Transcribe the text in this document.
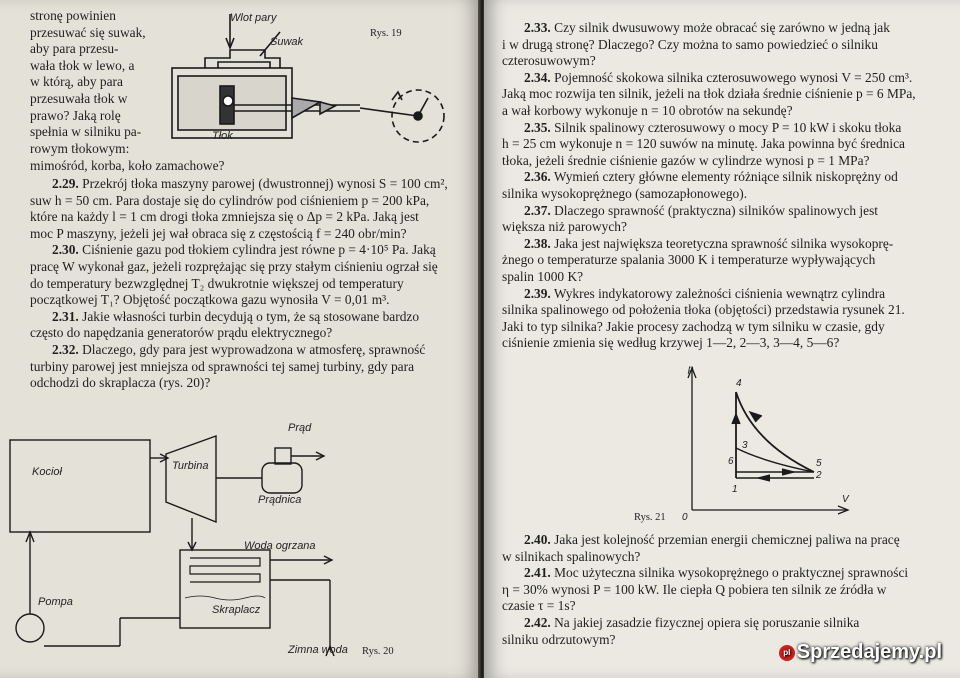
stronę powinien
przesuwać się suwak,
aby para przesu-
wała tłok w lewo, a
w którą, aby para
przesuwała tłok w
prawo? Jaką rolę
spełnia w silniku pa-
rowym tłokowym:
mimośród, korba, koło zamachowe?
Wlot pary
Suwak
Tłok
Rys. 19
2.29. Przekrój tłoka maszyny parowej (dwustronnej) wynosi S = 100 cm²,
suw h = 50 cm. Para dostaje się do cylindrów pod ciśnieniem p = 200 kPa,
które na każdy l = 1 cm drogi tłoka zmniejsza się o Δp = 2 kPa. Jaką jest
moc P maszyny, jeżeli jej wał obraca się z częstością f = 240 obr/min?
2.30. Ciśnienie gazu pod tłokiem cylindra jest równe p = 4·10⁵ Pa. Jaką
pracę W wykonał gaz, jeżeli rozprężając się przy stałym ciśnieniu ogrzał się
do temperatury bezwzględnej T₂ dwukrotnie większej od temperatury
początkowej T₁? Objętość początkowa gazu wynosiła V = 0,01 m³.
2.31. Jakie własności turbin decydują o tym, że są stosowane bardzo
często do napędzania generatorów prądu elektrycznego?
2.32. Dlaczego, gdy para jest wyprowadzona w atmosferę, sprawność
turbiny parowej jest mniejsza od sprawności tej samej turbiny, gdy para
odchodzi do skraplacza (rys. 20)?
Kocioł	Turbina
Prąd
Prądnica
Woda ogrzana
Pompa
Skraplacz
Zimna woda Rys. 20
2.33. Czy silnik dwusuwowy może obracać się zarówno w jedną jak
i w drugą stronę? Dlaczego? Czy można to samo powiedzieć o silniku
czterosuwowym?
2.34. Pojemność skokowa silnika czterosuwowego wynosi V = 250 cm³.
Jaką moc rozwija ten silnik, jeżeli na tłok działa średnie ciśnienie p = 6 MPa,
a wał korbowy wykonuje n = 10 obrotów na sekundę?
2.35. Silnik spalinowy czterosuwowy o mocy P = 10 kW i skoku tłoka
h = 25 cm wykonuje n = 120 suwów na minutę. Jaka powinna być średnica
tłoka, jeżeli średnie ciśnienie gazów w cylindrze wynosi p = 1 MPa?
2.36. Wymień cztery główne elementy różniące silnik niskoprężny od
silnika wysokoprężnego (samozapłonowego).
2.37. Dlaczego sprawność (praktyczna) silników spalinowych jest
większa niż parowych?
2.38. Jaka jest największa teoretyczna sprawność silnika wysokoprę-
żnego o temperaturze spalania 3000 K i temperaturze wypływających
spalin 1000 K?
2.39. Wykres indykatorowy zależności ciśnienia wewnątrz cylindra
silnika spalinowego od położenia tłoka (objętości) przedstawia rysunek 21.
Jaki to typ silnika? Jakie procesy zachodzą w tym silniku w czasie, gdy
ciśnienie zmienia się według krzywej 1—2, 2—3, 3—4, 5—6?
p
V
0
1
2
3
4
5
6
Rys. 21
2.40. Jaka jest kolejność przemian energii chemicznej paliwa na pracę
w silnikach spalinowych?
2.41. Moc użyteczna silnika wysokoprężnego o praktycznej sprawności
η = 30% wynosi P = 100 kW. Ile ciepła Q pobiera ten silnik ze źródła w
czasie τ = 1s?
2.42. Na jakiej zasadzie fizycznej opiera się poruszanie silnika
silniku odrzutowym?
pl Sprzedajemy.pl
